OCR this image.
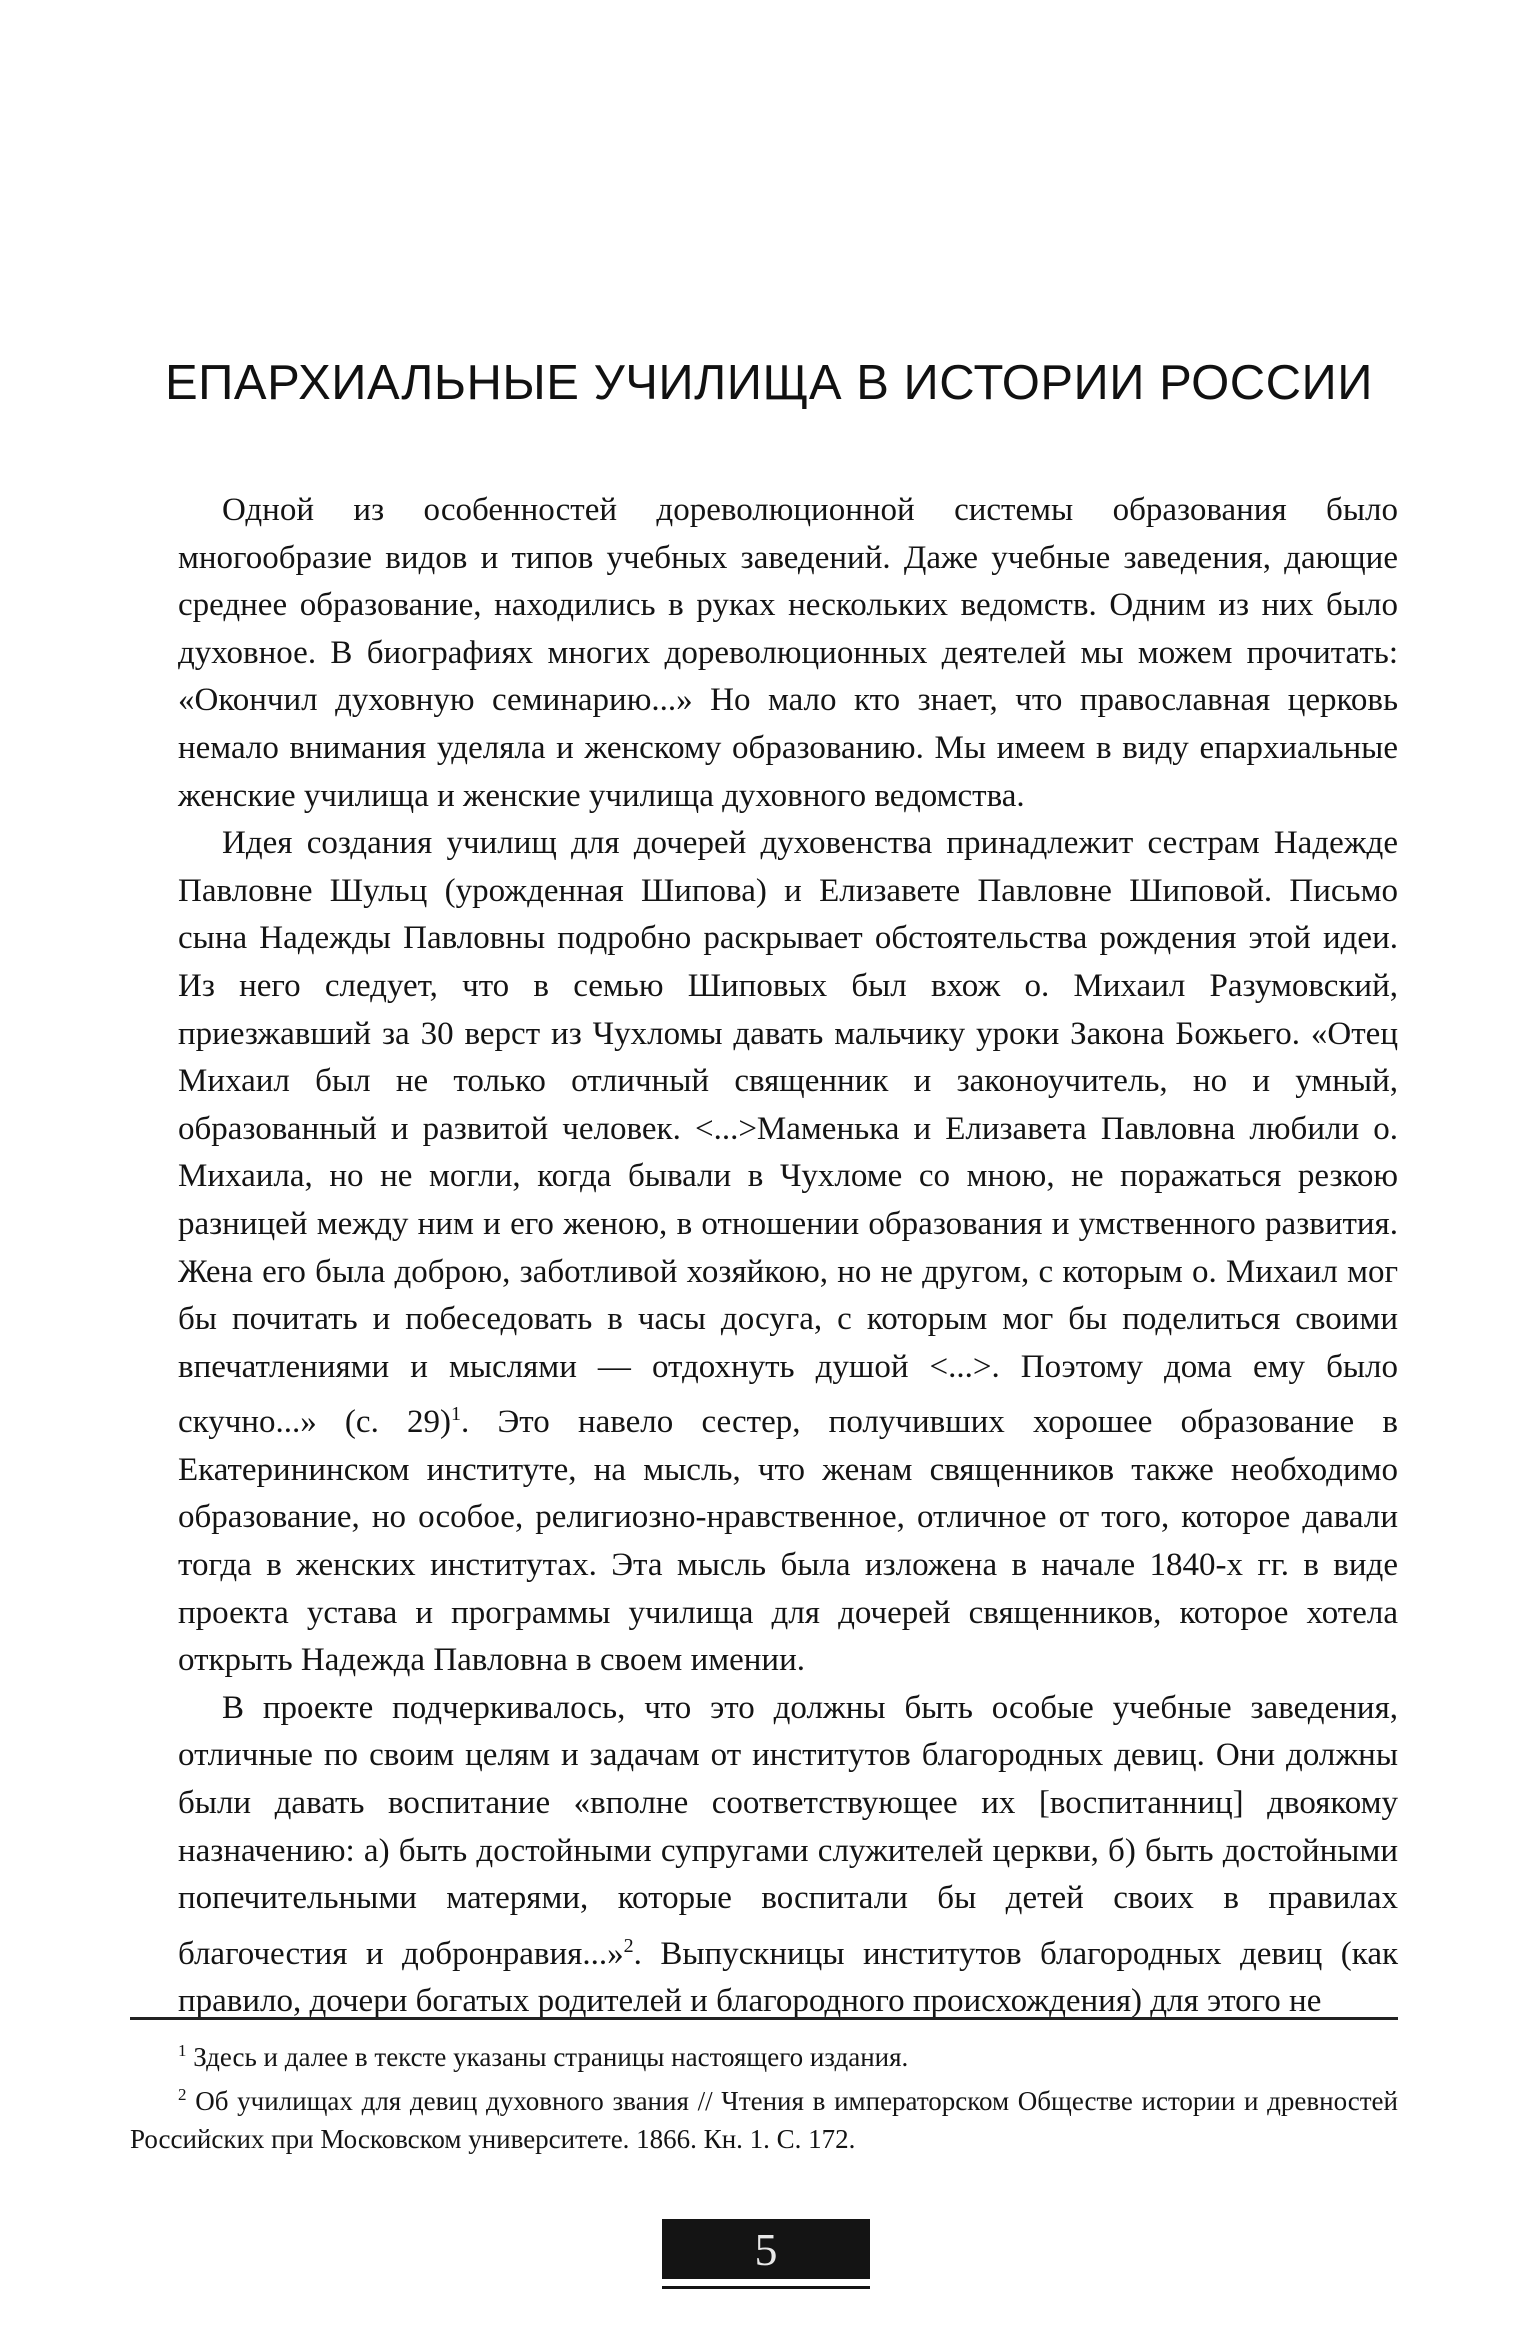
ЕПАРХИАЛЬНЫЕ УЧИЛИЩА В ИСТОРИИ РОССИИ

Одной из особенностей дореволюционной системы образования было многообразие видов и типов учебных заведений. Даже учебные заведения, дающие среднее образование, находились в руках нескольких ведомств. Одним из них было духовное. В биографиях многих дореволюционных деятелей мы можем прочитать: «Окончил духовную семинарию...» Но мало кто знает, что православная церковь немало внимания уделяла и женскому образованию. Мы имеем в виду епархиальные женские училища и женские училища духовного ведомства.

Идея создания училищ для дочерей духовенства принадлежит сестрам Надежде Павловне Шульц (урожденная Шипова) и Елизавете Павловне Шиповой. Письмо сына Надежды Павловны подробно раскрывает обстоятельства рождения этой идеи. Из него следует, что в семью Шиповых был вхож о. Михаил Разумовский, приезжавший за 30 верст из Чухломы давать мальчику уроки Закона Божьего. «Отец Михаил был не только отличный священник и законоучитель, но и умный, образованный и развитой человек. <...>Маменька и Елизавета Павловна любили о. Михаила, но не могли, когда бывали в Чухломе со мною, не поражаться резкою разницей между ним и его женою, в отношении образования и умственного развития. Жена его была доброю, заботливой хозяйкою, но не другом, с которым о. Михаил мог бы почитать и побеседовать в часы досуга, с которым мог бы поделиться своими впечатлениями и мыслями — отдохнуть душой <...>. Поэтому дома ему было скучно...» (с. 29)$^1$. Это навело сестер, получивших хорошее образование в Екатерининском институте, на мысль, что женам священников также необходимо образование, но особое, религиозно-нравственное, отличное от того, которое давали тогда в женских институтах. Эта мысль была изложена в начале 1840-х гг. в виде проекта устава и программы училища для дочерей священников, которое хотела открыть Надежда Павловна в своем имении.

В проекте подчеркивалось, что это должны быть особые учебные заведения, отличные по своим целям и задачам от институтов благородных девиц. Они должны были давать воспитание «вполне соответствующее их [воспитанниц] двоякому назначению: а) быть достойными супругами служителей церкви, б) быть достойными попечительными матерями, которые воспитали бы детей своих в правилах благочестия и добронравия...»$^2$. Выпускницы институтов благородных девиц (как правило, дочери богатых родителей и благородного происхождения) для этого не

$^1$ Здесь и далее в тексте указаны страницы настоящего издания.

$^2$ Об училищах для девиц духовного звания // Чтения в императорском Обществе истории и древностей Российских при Московском университете. 1866. Кн. 1. С. 172.

5
